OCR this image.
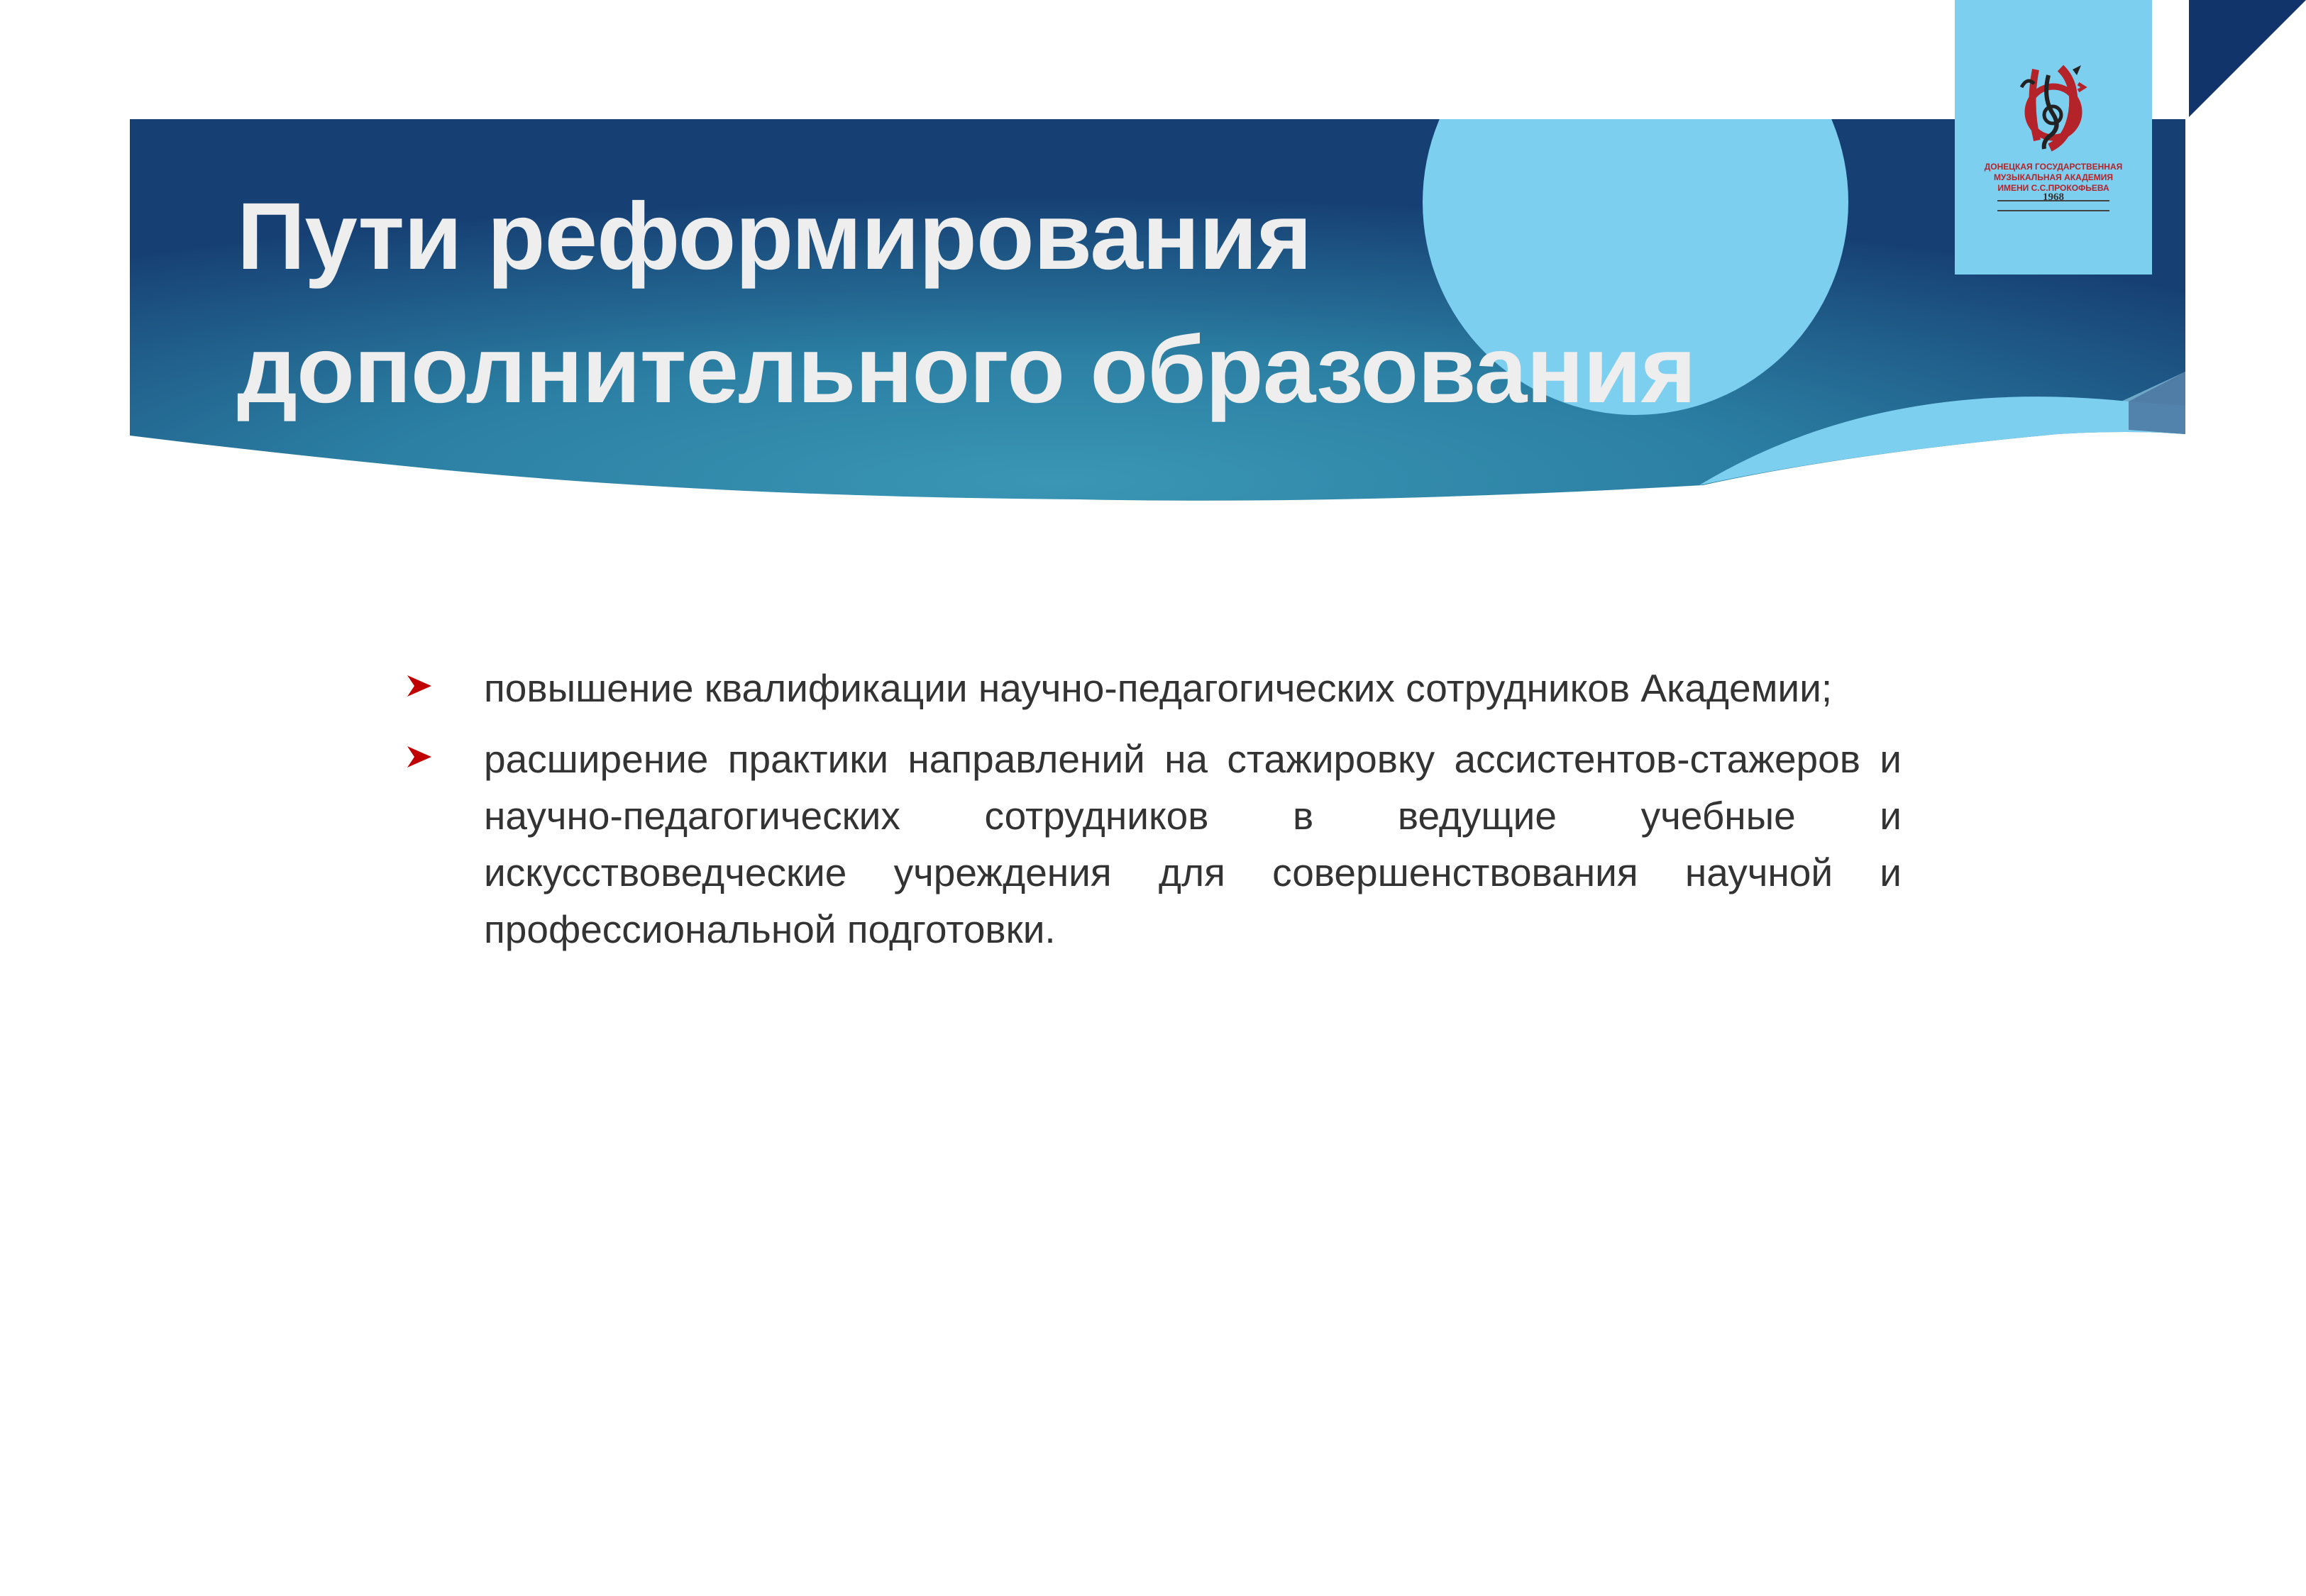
Пути реформирования
дополнительного образования
ДОНЕЦКАЯ ГОСУДАРСТВЕННАЯ
МУЗЫКАЛЬНАЯ АКАДЕМИЯ
ИМЕНИ С.С.ПРОКОФЬЕВА
1968
повышение квалификации научно-педагогических сотрудников Академии;
расширение практики направлений на стажировку ассистентов-стажеров и научно-педагогических сотрудников в ведущие учебные и искусствоведческие учреждения для совершенствования научной и профессиональной подготовки.
